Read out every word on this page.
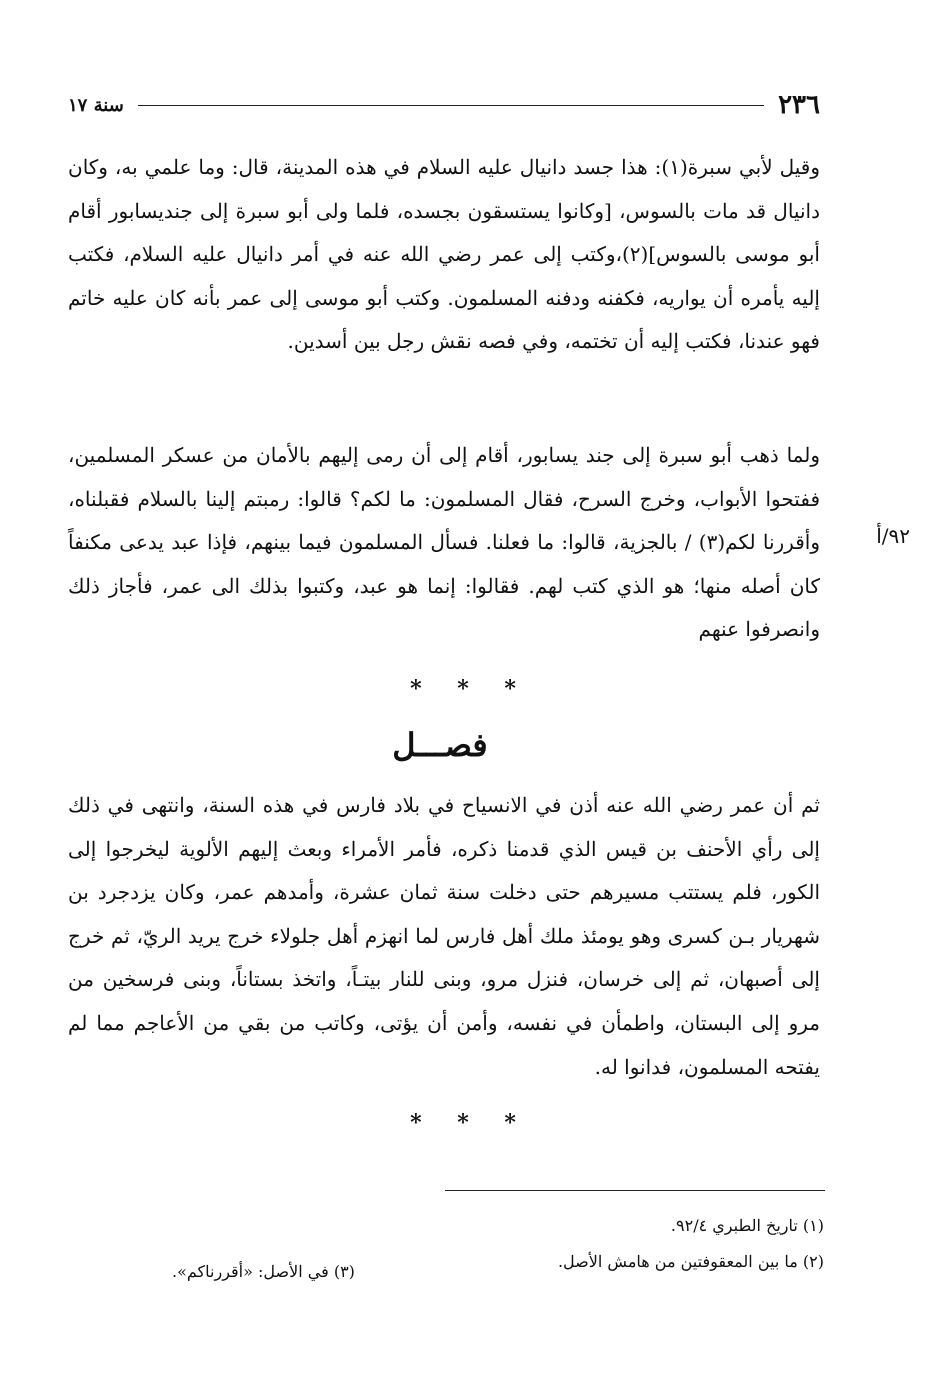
٢٣٦
سنة ١٧

وقيل لأبي سبرة(١): هذا جسد دانيال عليه السلام في هذه المدينة، قال: وما علمي به، وكان دانيال قد مات بالسوس، [وكانوا يستسقون بجسده، فلما ولى أبو سبرة إلى جنديسابور أقام أبو موسى بالسوس](٢)،وكتب إلى عمر رضي الله عنه في أمر دانيال عليه السلام، فكتب إليه يأمره أن يواريه، فكفنه ودفنه المسلمون. وكتب أبو موسى إلى عمر بأنه كان عليه خاتم فهو عندنا، فكتب إليه أن تختمه، وفي فصه نقش رجل بين أسدين.

ولما ذهب أبو سبرة إلى جند يسابور، أقام إلى أن رمى إليهم بالأمان من عسكر المسلمين، ففتحوا الأبواب، وخرج السرح، فقال المسلمون: ما لكم؟ قالوا: رمبتم إلينا بالسلام فقبلناه، وأقررنا لكم(٣) / بالجزية، قالوا: ما فعلنا. فسأل المسلمون فيما بينهم، فإذا عبد يدعى مكنفاً كان أصله منها؛ هو الذي كتب لهم. فقالوا: إنما هو عبد، وكتبوا بذلك الى عمر، فأجاز ذلك وانصرفوا عنهم

٩٢/أ
* * *
فصـــل

ثم أن عمر رضي الله عنه أذن في الانسياح في بلاد فارس في هذه السنة، وانتهى في ذلك إلى رأي الأحنف بن قيس الذي قدمنا ذكره، فأمر الأمراء وبعث إليهم الألوية ليخرجوا إلى الكور، فلم يستتب مسيرهم حتى دخلت سنة ثمان عشرة، وأمدهم عمر، وكان يزدجرد بن شهريار بـن كسرى وهو يومئذ ملك أهل فارس لما انهزم أهل جلولاء خرج يريد الريّ، ثم خرج إلى أصبهان، ثم إلى خرسان، فنزل مرو، وبنى للنار بيتـاً، واتخذ بستاناً، وبنى فرسخين من مرو إلى البستان، واطمأن في نفسه، وأمن أن يؤتى، وكاتب من بقي من الأعاجم مما لم يفتحه المسلمون، فدانوا له.

* * *

(١) تاريخ الطبري ٩٢/٤.

(٢) ما بين المعقوفتين من هامش الأصل.

(٣) في الأصل: «أقررناكم».
